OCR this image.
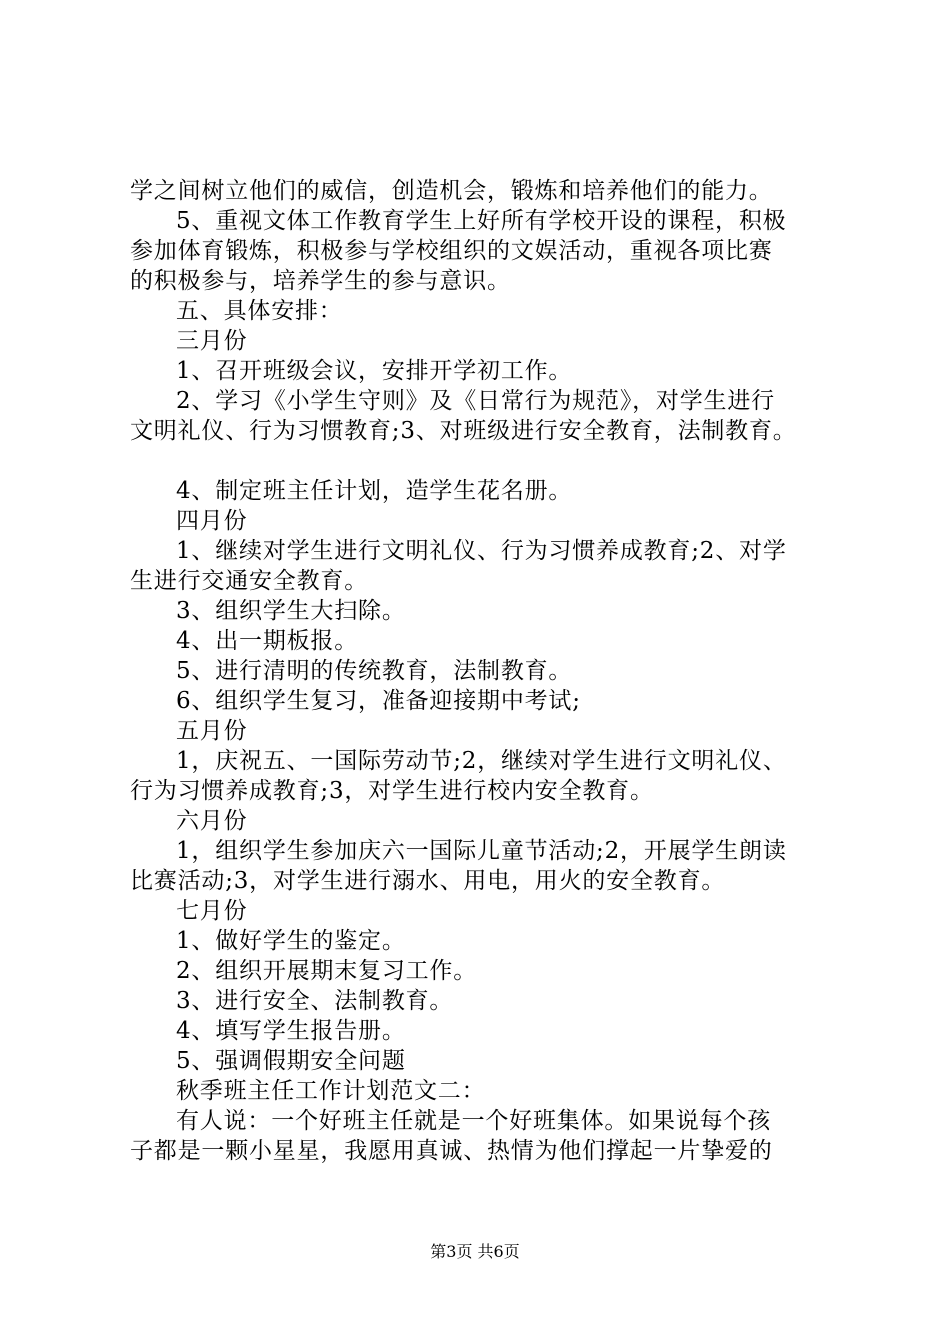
学之间树立他们的威信，创造机会，锻炼和培养他们的能力。
5、重视文体工作教育学生上好所有学校开设的课程，积极
参加体育锻炼，积极参与学校组织的文娱活动，重视各项比赛
的积极参与，培养学生的参与意识。
五、具体安排：
三月份
1、召开班级会议，安排开学初工作。
2、学习《小学生守则》及《日常行为规范》，对学生进行
文明礼仪、行为习惯教育;3、对班级进行安全教育，法制教育。
4、制定班主任计划，造学生花名册。
四月份
1、继续对学生进行文明礼仪、行为习惯养成教育;2、对学
生进行交通安全教育。
3、组织学生大扫除。
4、出一期板报。
5、进行清明的传统教育，法制教育。
6、组织学生复习，准备迎接期中考试;
五月份
1，庆祝五、一国际劳动节;2，继续对学生进行文明礼仪、
行为习惯养成教育;3，对学生进行校内安全教育。
六月份
1，组织学生参加庆六一国际儿童节活动;2，开展学生朗读
比赛活动;3，对学生进行溺水、用电，用火的安全教育。
七月份
1、做好学生的鉴定。
2、组织开展期末复习工作。
3、进行安全、法制教育。
4、填写学生报告册。
5、强调假期安全问题
秋季班主任工作计划范文二：
有人说：一个好班主任就是一个好班集体。如果说每个孩
子都是一颗小星星，我愿用真诚、热情为他们撑起一片挚爱的
第3页 共6页
